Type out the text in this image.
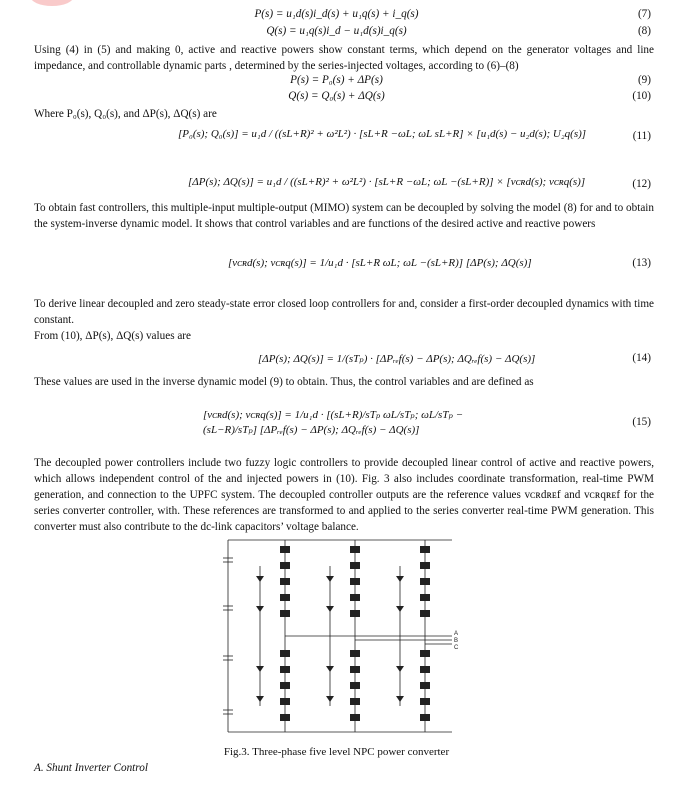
P(s) = u₁d(s)i_d(s) + u₁q(s) + i_q(s)	(7)
Q(s) = u₁q(s)i_d − u₁d(s)i_q(s)	(8)
Using (4) in (5) and making 0, active and reactive powers show constant terms, which depend on the generator voltages and line impedance, and controllable dynamic parts , determined by the series-injected voltages, according to (6)–(8)
P(s) = P₀(s) + ΔP(s)	(9)
Q(s) = Q₀(s) + ΔQ(s)	(10)
Where P₀(s), Q₀(s), and ΔP(s), ΔQ(s) are
[P₀(s); Q₀(s)] = u₁d / ((sL+R)² + ω²L²) · [sL+R −ωL; ωL sL+R] × [u₁d(s) − u₂d(s); U₂q(s)]	(11)
[ΔP(s); ΔQ(s)] = u₁d / ((sL+R)² + ω²L²) · [sL+R −ωL; ωL −(sL+R)] × [vᴄʀd(s); vᴄʀq(s)]	(12)
To obtain fast controllers, this multiple-input multiple-output (MIMO) system can be decoupled by solving the model (8) for and to obtain the system-inverse dynamic model. It shows that control variables and are functions of the desired active and reactive powers
[vᴄʀd(s); vᴄʀq(s)] = 1/u₁d · [sL+R ωL; ωL −(sL+R)] [ΔP(s); ΔQ(s)]	(13)
To derive linear decoupled and zero steady-state error closed loop controllers for and, consider a first-order decoupled dynamics with time constant.
From (10), ΔP(s), ΔQ(s) values are
[ΔP(s); ΔQ(s)] = 1/(sTₚ) · [ΔPᵣₑf(s) − ΔP(s); ΔQᵣₑf(s) − ΔQ(s)]	(14)
These values are used in the inverse dynamic model (9) to obtain. Thus, the control variables and are defined as
[vᴄʀd(s); vᴄʀq(s)] = 1/u₁d · [(sL+R)/sTₚ ωL/sTₚ; ωL/sTₚ −(sL−R)/sTₚ] [ΔPᵣₑf(s) − ΔP(s); ΔQᵣₑf(s) − ΔQ(s)]
(15)
The decoupled power controllers include two fuzzy logic controllers to provide decoupled linear control of active and reactive powers, which allows independent control of the and injected powers in (10). Fig. 3 also includes coordinate transformation, real-time PWM generation, and connection to the UPFC system. The decoupled controller outputs are the reference values vᴄʀdʀᴇf and vᴄʀqʀᴇf for the series converter controller, with. These references are transformed to and applied to the series converter real-time PWM generation. This converter must also contribute to the dc-link capacitors’ voltage balance.
A
B
C
Fig.3. Three-phase five level NPC power converter
A. Shunt Inverter Control
